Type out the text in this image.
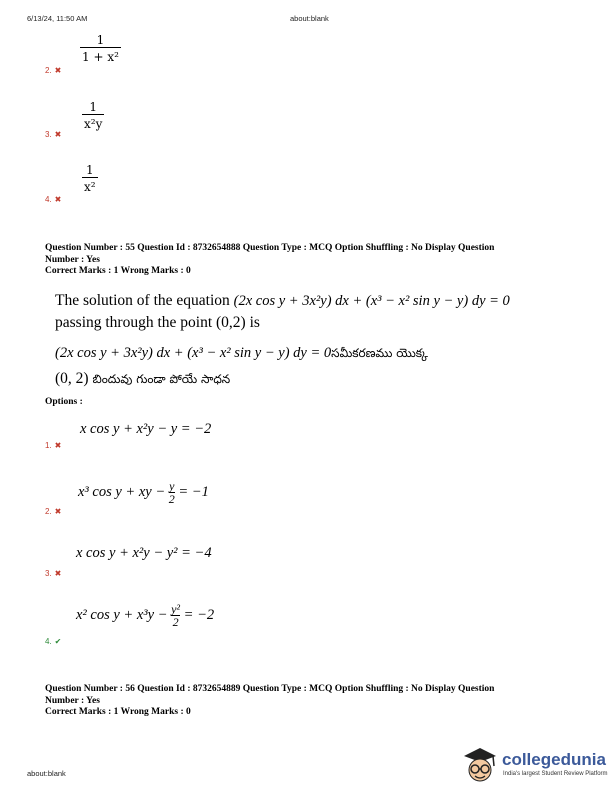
6/13/24, 11:50 AM	about:blank
$\frac{1}{\text{1 + x²}}$
2. ✖
$\frac{1}{\text{x²y}}$
3. ✖
$\frac{1}{\text{x²}}$
4. ✖
Question Number : 55 Question Id : 8732654888 Question Type : MCQ Option Shuffling : No Display Question
Number : Yes
Correct Marks : 1 Wrong Marks : 0
The solution of the equation (2x cos y + 3x²y) dx + (x³ − x² sin y − y) dy = 0
passing through the point (0,2) is
(2x cos y + 3x²y) dx + (x³ − x² sin y − y) dy = 0సమీకరణము యొక్క
(0, 2) బిందువు గుండా పోయే సాధన
Options :
x cos y + x²y − y = −2
1. ✖
x³ cos y + xy − $\frac{y}{2} = -1$
2. ✖
x cos y + x²y − y² = −4
3. ✖
x² $\cos y + x^3y - \frac{\text{y²}}{2} = -2$
4. ✔
Question Number : 56 Question Id : 8732654889 Question Type : MCQ Option Shuffling : No Display Question
Number : Yes
Correct Marks : 1 Wrong Marks : 0
about:blank
collegedunia
India's largest Student Review Platform
